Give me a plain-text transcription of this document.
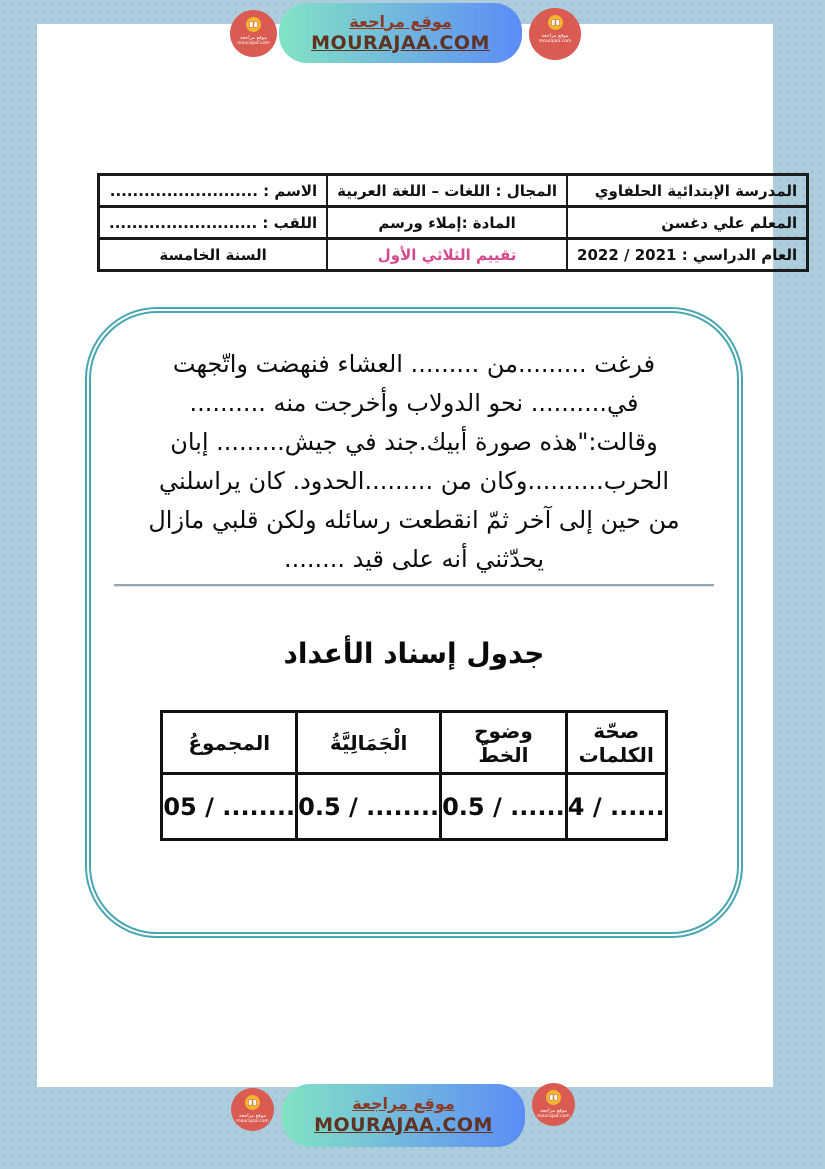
المدرسة الإبتدائية الحلفاوي	المجال : اللغات – اللغة العربية	الاسم : ..........................
المعلم علي دغسن	المادة :إملاء ورسم	اللقب : ..........................
العام الدراسي : 2021 / 2022	تقييم الثلاثي الأول	السنة الخامسة
فرغت .........من ......... العشاء فنهضت واتّجهت
في.......... نحو الدولاب وأخرجت منه ..........
وقالت:"هذه صورة أبيك.جند في جيش......... إبان
الحرب..........وكان من .........الحدود. كان يراسلني
من حين إلى آخر ثمّ انقطعت رسائله ولكن قلبي مازال
يحدّثني أنه على قيد ........
جدول إسناد الأعداد
صحّة الكلمات	وضوح الخطّ	الْجَمَالِيَّةُ	المجموعُ
4 / ......	0.5 / ......	0.5 / ........	05 / ........
موقع مراجعة
MOURAJAA.COM
موقع مراجعة
mourajaa.com
موقع مراجعة
mourajaa.com
موقع مراجعة
MOURAJAA.COM
موقع مراجعة
mourajaa.com
موقع مراجعة
mourajaa.com
